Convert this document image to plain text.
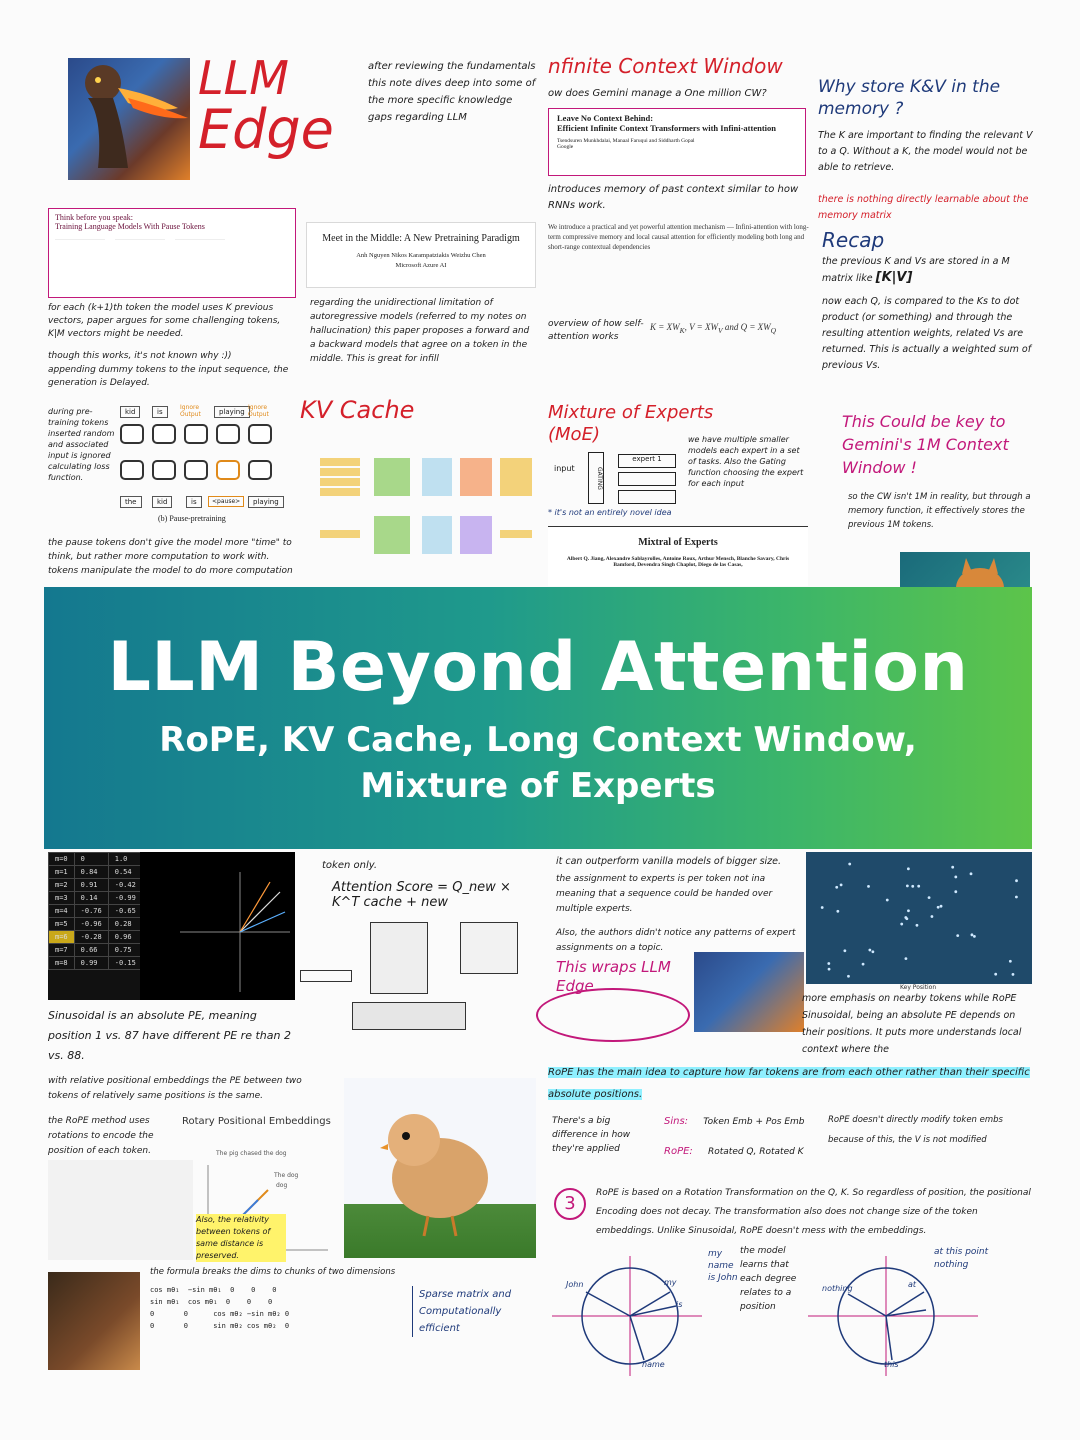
LLM
Edge
after reviewing the fundamentals this note dives deep into some of the more specific knowledge gaps regarding LLM
nfinite Context Window
ow does Gemini manage a One million CW?
Leave No Context Behind:
Efficient Infinite Context Transformers with Infini-attention
Tsendsuren Munkhdalai, Manaal Faruqui and Siddharth Gopal
Google
introduces memory of past context similar to how RNNs work.
We introduce a practical and yet powerful attention mechanism — Infini-attention with long-term compressive memory and local causal attention for efficiently modeling both long and short-range contextual dependencies
overview of how self-attention works
$K = XW_K$, $V = XW_V$ and $Q = XW_Q$
Why store K&V in the memory ?
The K are important to finding the relevant V to a Q. Without a K, the model would not be able to retrieve.
there is nothing directly learnable about the memory matrix
Recap
the previous K and Vs are stored in a M matrix like [K|V]
now each Q, is compared to the Ks to dot product (or something) and through the resulting attention weights, related Vs are returned. This is actually a weighted sum of previous Vs.
Think before you speak:
Training Language Models With Pause Tokens
for each (k+1)th token the model uses K previous vectors, paper argues for some challenging tokens, K|M vectors might be needed.
though this works, it's not known why :))
appending dummy tokens to the input sequence, the generation is Delayed.
Meet in the Middle: A New Pretraining Paradigm
Anh Nguyen Nikos Karampatziakis Weizhu Chen
Microsoft Azure AI
regarding the unidirectional limitation of autoregressive models (referred to my notes on hallucination) this paper proposes a forward and a backward models that agree on a token in the middle. This is great for infill
during pre-training tokens inserted random and associated input is ignored calculating loss function.
kid	is
Ignore Output	playing
Ignore Output
the	kid	is	<pause>	playing
(b) Pause-pretraining
the pause tokens don't give the model more "time" to think, but rather more computation to work with. tokens manipulate the model to do more computation
KV Cache	Mixture of Experts (MoE)	we have multiple smaller models each expert in a set of tasks. Also the Gating function choosing the expert for each input
input	GATING
expert 1
* it's not an entirely novel idea
Mixtral of Experts
Albert Q. Jiang, Alexandre Sablayrolles, Antoine Roux, Arthur Mensch, Blanche Savary, Chris Bamford, Devendra Singh Chaplot, Diego de las Casas,
This Could be key to Gemini's 1M Context Window !
so the CW isn't 1M in reality, but through a memory function, it effectively stores the previous 1M tokens.
LLM Beyond Attention
RoPE, KV Cache, Long Context Window,
Mixture of Experts
m=0	0	1.0
m=1	0.84	0.54
m=2	0.91	-0.42
m=3	0.14	-0.99
m=4	-0.76	-0.65
m=5	-0.96	0.28
m=6	-0.28	0.96
m=7	0.66	0.75
m=8	0.99	-0.15
token only.
Attention Score = Q_new × K^T cache + new
it can outperform vanilla models of bigger size.
the assignment to experts is per token not ina meaning that a sequence could be handed over multiple experts.
Also, the authors didn't notice any patterns of expert assignments on a topic.
This wraps LLM Edge	Key Position
Sinusoidal is an absolute PE, meaning position 1 vs. 87 have different PE re than 2 vs. 88.
more emphasis on nearby tokens while RoPE Sinusoidal, being an absolute PE depends on their positions. It puts more understands local context where the
with relative positional embeddings the PE between two tokens of relatively same positions is the same.
the RoPE method uses rotations to encode the position of each token.
Rotary Positional Embeddings
The pig chased the dog
The dog
dog
Also, the relativity between tokens of same distance is preserved.
RoPE has the main idea to capture how far tokens are from each other rather than their specific absolute positions.
There's a big difference in how they're applied
Sins: Token Emb + Pos Emb
RoPE: Rotated Q, Rotated K
RoPE doesn't directly modify token embs
because of this, the V is not modified
3	RoPE is based on a Rotation Transformation on the Q, K. So regardless of position, the positional Encoding does not decay. The transformation also does not change size of the token embeddings. Unlike Sinusoidal, RoPE doesn't mess with the embeddings.
the formula breaks the dims to chunks of two dimensions
cos mθ₁  −sin mθ₁  0    0    0
sin mθ₁  cos mθ₁  0    0    0
0       0      cos mθ₂ −sin mθ₂ 0
0       0      sin mθ₂ cos mθ₂  0
Sparse matrix and Computationally efficient
John	my
is
name
my name is John
the model learns that each degree relates to a position
nothing	at
this
at this point nothing
